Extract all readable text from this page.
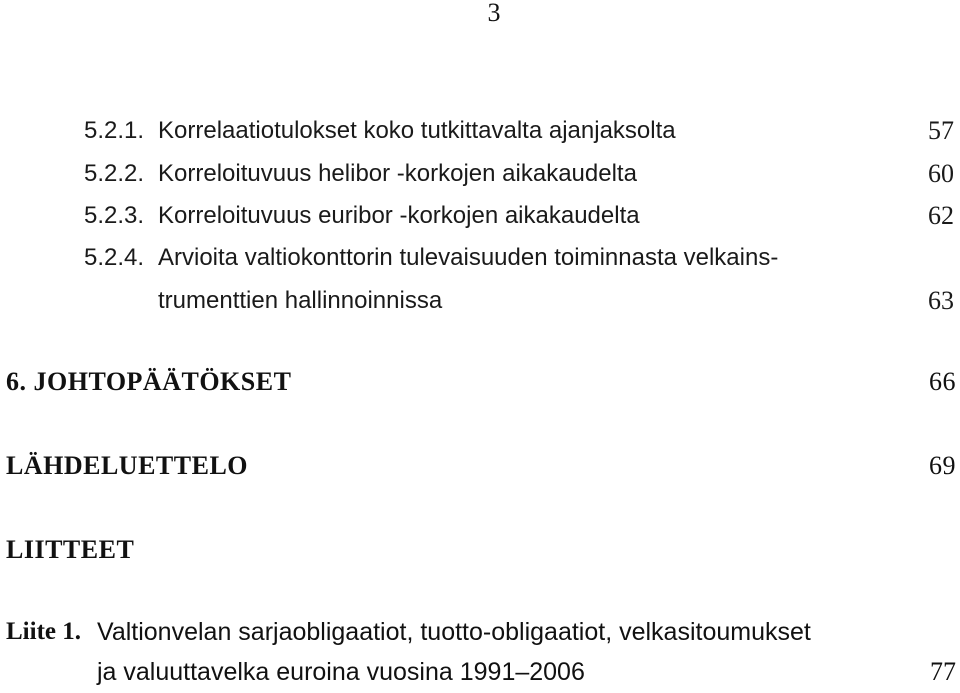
3
5.2.1. Korrelaatiotulokset koko tutkittavalta ajanjaksolta	57
5.2.2. Korreloituvuus helibor -korkojen aikakaudelta	60
5.2.3. Korreloituvuus euribor -korkojen aikakaudelta	62
5.2.4. Arvioita valtiokonttorin tulevaisuuden toiminnasta velkains-
trumenttien hallinnoinnissa	63
6. JOHTOPÄÄTÖKSET	66
LÄHDELUETTELO	69
LIITTEET
Liite 1. Valtionvelan sarjaobligaatiot, tuotto-obligaatiot, velkasitoumukset
ja valuuttavelka euroina vuosina 1991–2006	77
